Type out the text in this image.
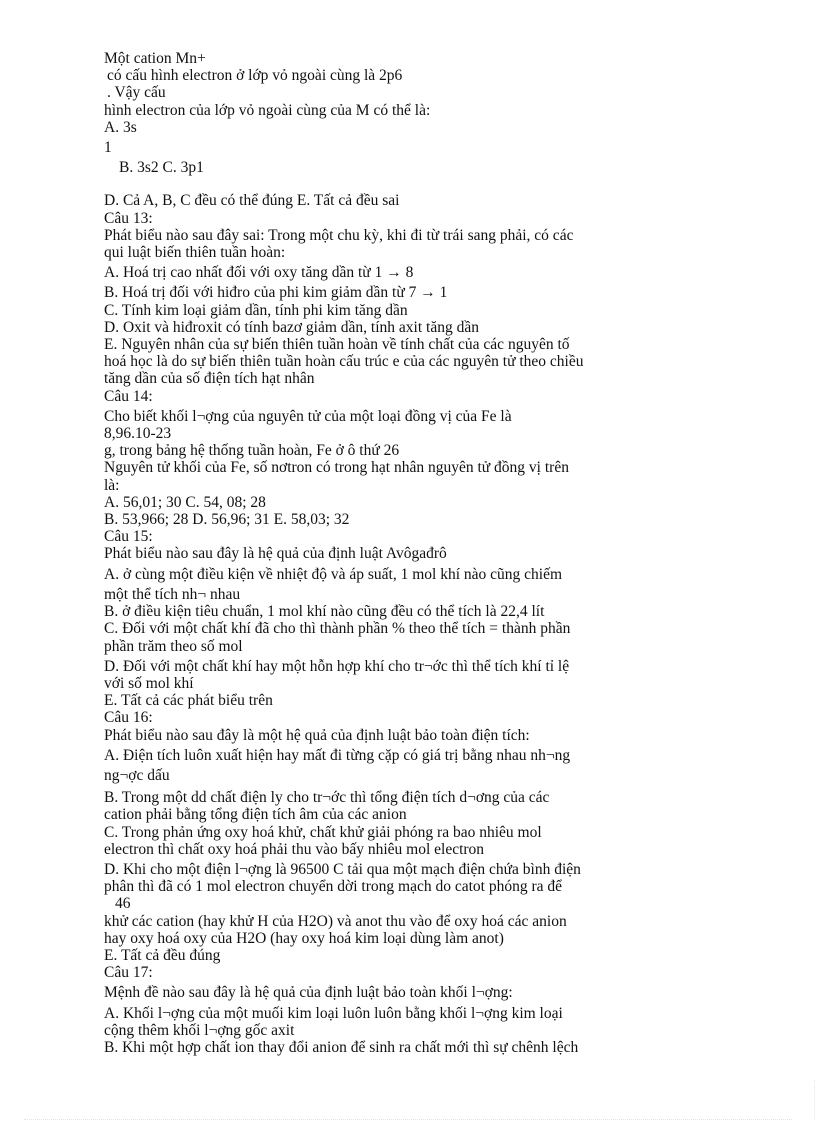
Một cation Mn+
có cấu hình electron ở lớp vỏ ngoài cùng là 2p6
. Vậy cấu
hình electron của lớp vỏ ngoài cùng của M có thể là:
A. 3s
1
B. 3s2 C. 3p1
D. Cả A, B, C đều có thể đúng E. Tất cả đều sai
Câu 13:
Phát biểu nào sau đây sai: Trong một chu kỳ, khi đi từ trái sang phải, có các
qui luật biến thiên tuần hoàn:
A. Hoá trị cao nhất đối với oxy tăng dần từ 1 → 8
B. Hoá trị đối với hiđro của phi kim giảm dần từ 7 → 1
C. Tính kim loại giảm dần, tính phi kim tăng dần
D. Oxit và hiđroxit có tính bazơ giảm dần, tính axit tăng dần
E. Nguyên nhân của sự biến thiên tuần hoàn về tính chất của các nguyên tố
hoá học là do sự biến thiên tuần hoàn cấu trúc e của các nguyên tử theo chiều
tăng dần của số điện tích hạt nhân
Câu 14:
Cho biết khối l¬ợng của nguyên tử của một loại đồng vị của Fe là
8,96.10-23
g, trong bảng hệ thống tuần hoàn, Fe ở ô thứ 26
Nguyên tử khối của Fe, số nơtron có trong hạt nhân nguyên tử đồng vị trên
là:
A. 56,01; 30 C. 54, 08; 28
B. 53,966; 28 D. 56,96; 31 E. 58,03; 32
Câu 15:
Phát biểu nào sau đây là hệ quả của định luật Avôgađrô
A. ở cùng một điều kiện về nhiệt độ và áp suất, 1 mol khí nào cũng chiếm
một thể tích nh¬ nhau
B. ở điều kiện tiêu chuẩn, 1 mol khí nào cũng đều có thể tích là 22,4 lít
C. Đối với một chất khí đã cho thì thành phần % theo thể tích = thành phần
phần trăm theo số mol
D. Đối với một chất khí hay một hỗn hợp khí cho tr¬ớc thì thể tích khí tỉ lệ
với số mol khí
E. Tất cả các phát biểu trên
Câu 16:
Phát biểu nào sau đây là một hệ quả của định luật bảo toàn điện tích:
A. Điện tích luôn xuất hiện hay mất đi từng cặp có giá trị bằng nhau nh¬ng
ng¬ợc dấu
B. Trong một dd chất điện ly cho tr¬ớc thì tổng điện tích d¬ơng của các
cation phải bằng tổng điện tích âm của các anion
C. Trong phản ứng oxy hoá khử, chất khử giải phóng ra bao nhiêu mol
electron thì chất oxy hoá phải thu vào bấy nhiêu mol electron
D. Khi cho một điện l¬ợng là 96500 C tải qua một mạch điện chứa bình điện
phân thì đã có 1 mol electron chuyển dời trong mạch do catot phóng ra để
46
khử các cation (hay khử H của H2O) và anot thu vào để oxy hoá các anion
hay oxy hoá oxy của H2O (hay oxy hoá kim loại dùng làm anot)
E. Tất cả đều đúng
Câu 17:
Mệnh đề nào sau đây là hệ quả của định luật bảo toàn khối l¬ợng:
A. Khối l¬ợng của một muối kim loại luôn luôn bằng khối l¬ợng kim loại
cộng thêm khối l¬ợng gốc axit
B. Khi một hợp chất ion thay đổi anion để sinh ra chất mới thì sự chênh lệch
